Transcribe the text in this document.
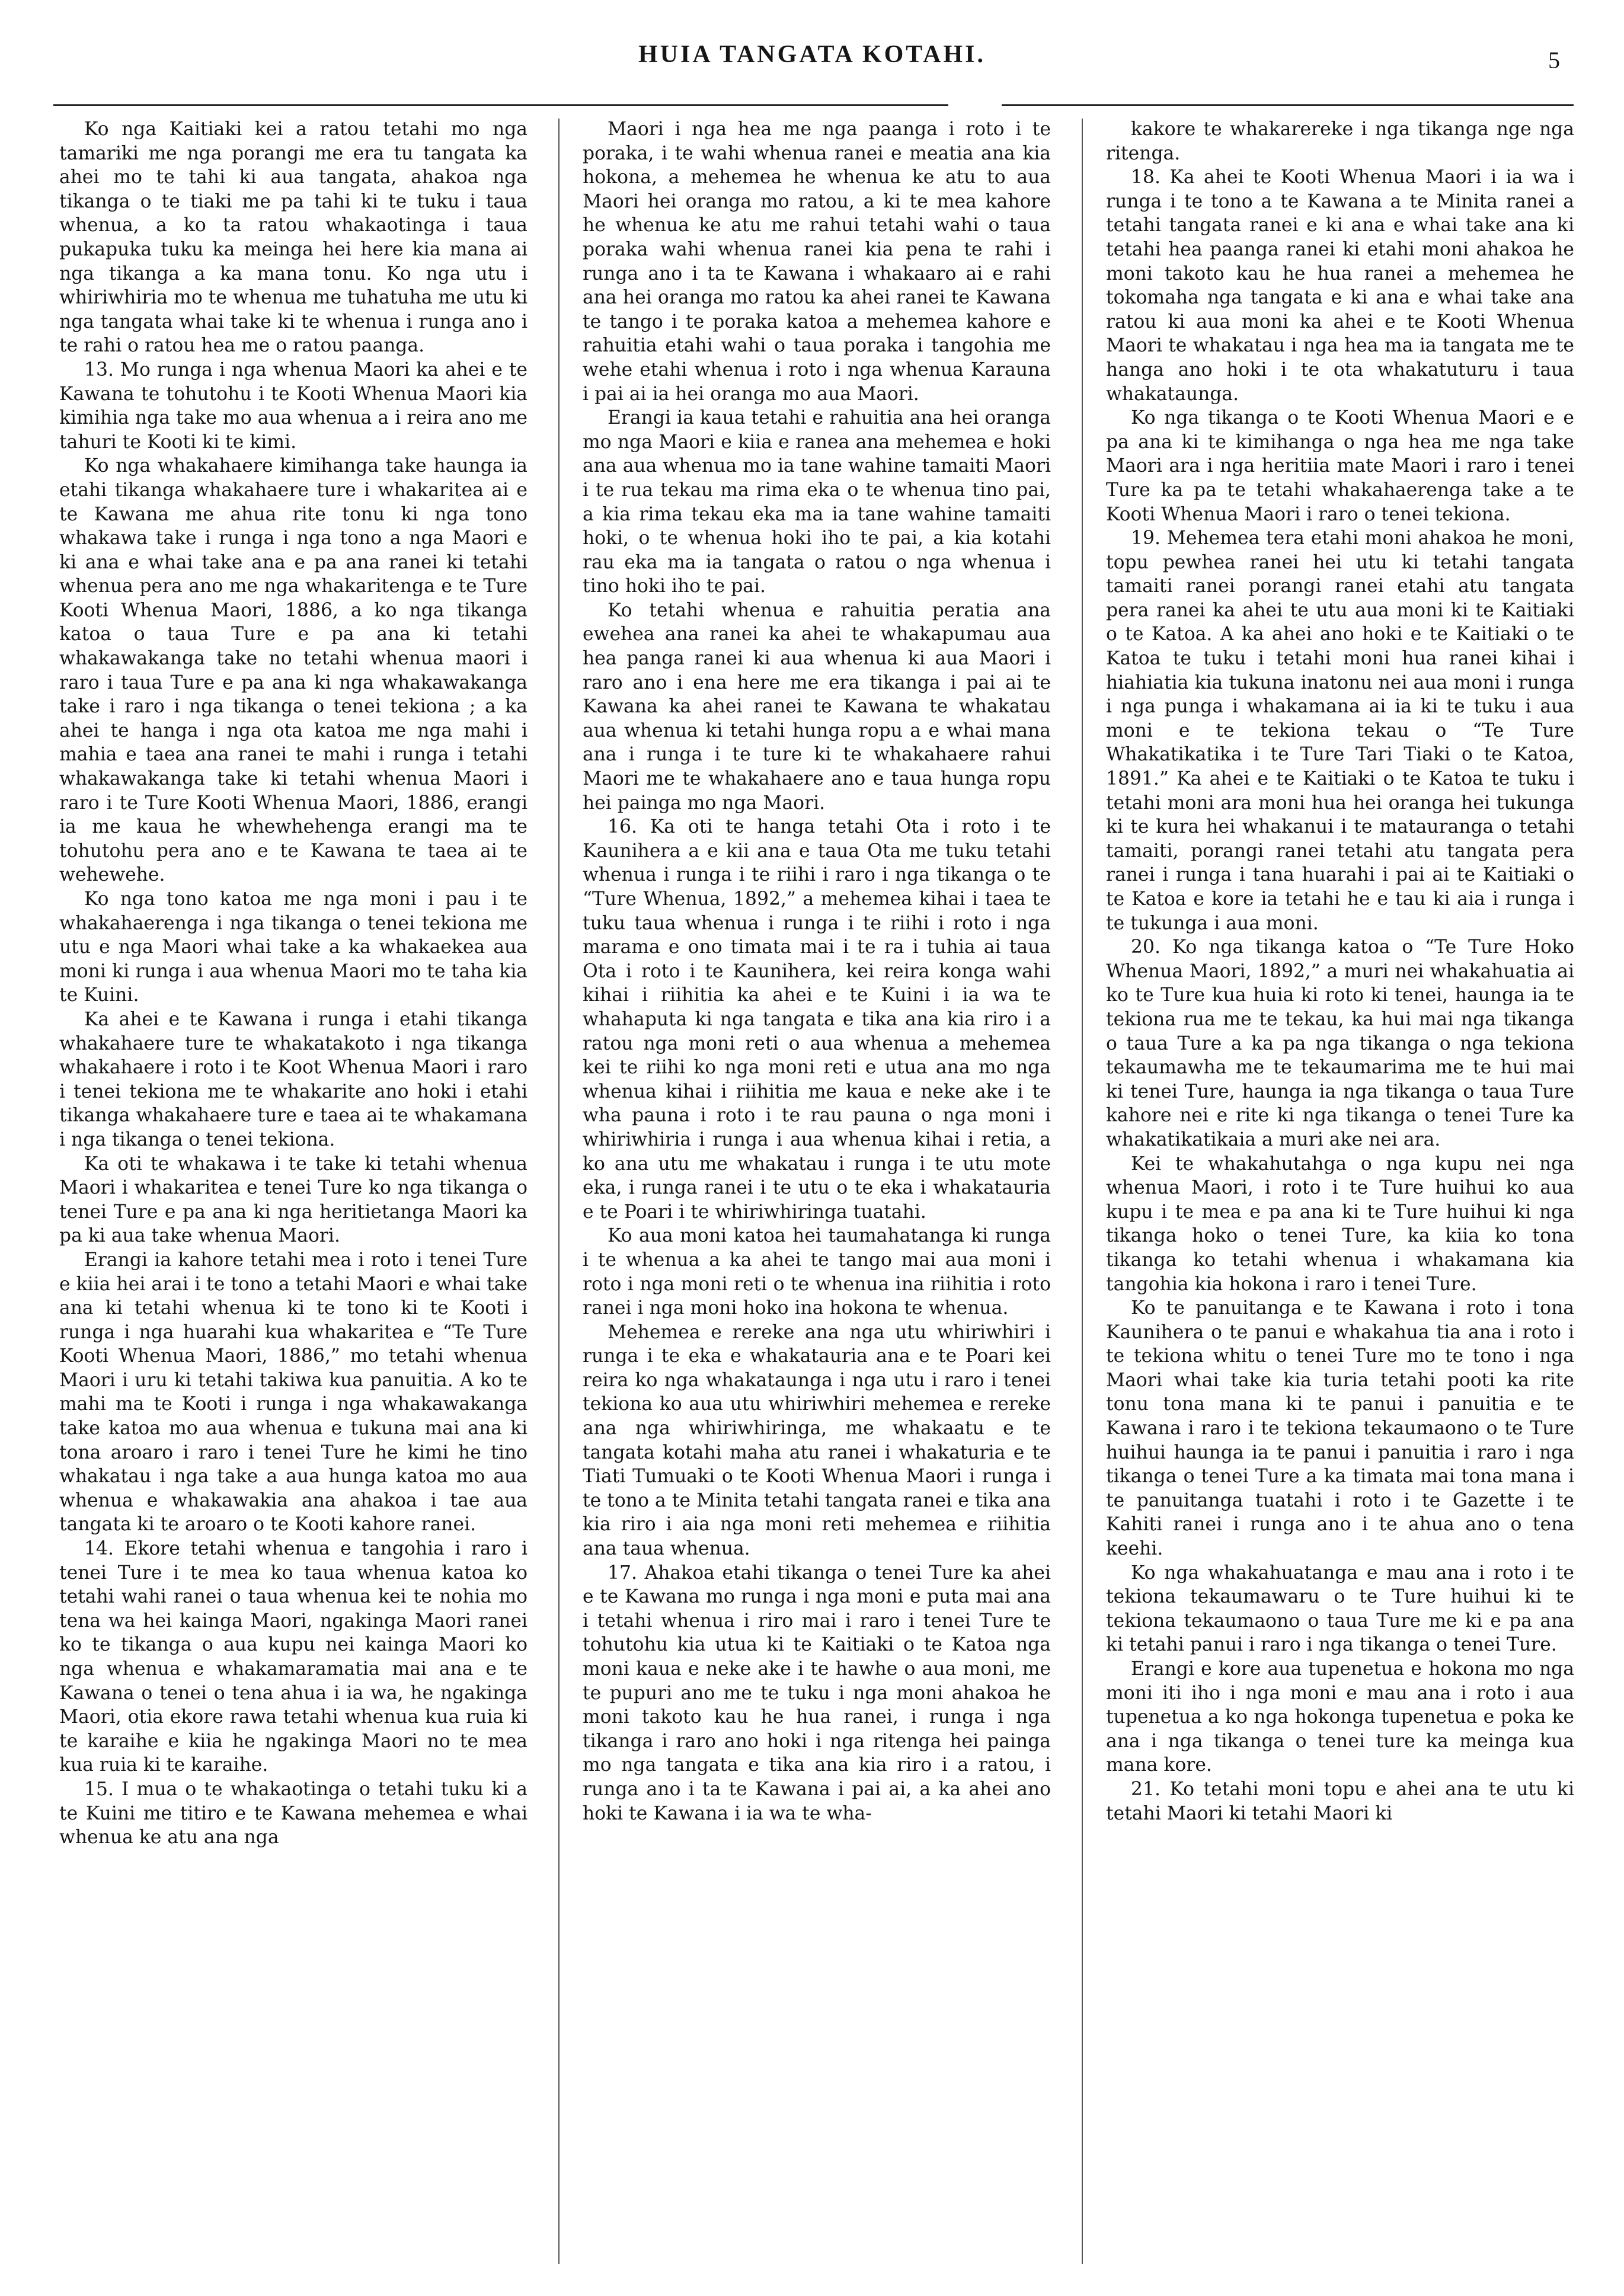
HUIA TANGATA KOTAHI.	5

Ko nga Kaitiaki kei a ratou tetahi mo nga tamariki me nga porangi me era tu tangata ka ahei mo te tahi ki aua tangata, ahakoa nga tikanga o te tiaki me pa tahi ki te tuku i taua whenua, a ko ta ratou whakaotinga i taua pukapuka tuku ka meinga hei here kia mana ai nga tikanga a ka mana tonu. Ko nga utu i whiriwhiria mo te whenua me tuhatuha me utu ki nga tangata whai take ki te whenua i runga ano i te rahi o ratou hea me o ratou paanga.

13. Mo runga i nga whenua Maori ka ahei e te Kawana te tohutohu i te Kooti Whenua Maori kia kimihia nga take mo aua whenua a i reira ano me tahuri te Kooti ki te kimi.

Ko nga whakahaere kimihanga take haunga ia etahi tikanga whakahaere ture i whakaritea ai e te Kawana me ahua rite tonu ki nga tono whakawa take i runga i nga tono a nga Maori e ki ana e whai take ana e pa ana ranei ki tetahi whenua pera ano me nga whakaritenga e te Ture Kooti Whenua Maori, 1886, a ko nga tikanga katoa o taua Ture e pa ana ki tetahi whakawakanga take no tetahi whenua maori i raro i taua Ture e pa ana ki nga whakawakanga take i raro i nga tikanga o tenei tekiona ; a ka ahei te hanga i nga ota katoa me nga mahi i mahia e taea ana ranei te mahi i runga i tetahi whakawakanga take ki tetahi whenua Maori i raro i te Ture Kooti Whenua Maori, 1886, erangi ia me kaua he whewhehenga erangi ma te tohutohu pera ano e te Kawana te taea ai te wehewehe.

Ko nga tono katoa me nga moni i pau i te whakahaerenga i nga tikanga o tenei tekiona me utu e nga Maori whai take a ka whakaekea aua moni ki runga i aua whenua Maori mo te taha kia te Kuini.

Ka ahei e te Kawana i runga i etahi tikanga whakahaere ture te whakatakoto i nga tikanga whakahaere i roto i te Koot Whenua Maori i raro i tenei tekiona me te whakarite ano hoki i etahi tikanga whakahaere ture e taea ai te whakamana i nga tikanga o tenei tekiona.

Ka oti te whakawa i te take ki tetahi whenua Maori i whakaritea e tenei Ture ko nga tikanga o tenei Ture e pa ana ki nga heritietanga Maori ka pa ki aua take whenua Maori.

Erangi ia kahore tetahi mea i roto i tenei Ture e kiia hei arai i te tono a tetahi Maori e whai take ana ki tetahi whenua ki te tono ki te Kooti i runga i nga huarahi kua whakaritea e “Te Ture Kooti Whenua Maori, 1886,” mo tetahi whenua Maori i uru ki tetahi takiwa kua panuitia. A ko te mahi ma te Kooti i runga i nga whakawakanga take katoa mo aua whenua e tukuna mai ana ki tona aroaro i raro i tenei Ture he kimi he tino whakatau i nga take a aua hunga katoa mo aua whenua e whakawakia ana ahakoa i tae aua tangata ki te aroaro o te Kooti kahore ranei.

14. Ekore tetahi whenua e tangohia i raro i tenei Ture i te mea ko taua whenua katoa ko tetahi wahi ranei o taua whenua kei te nohia mo tena wa hei kainga Maori, ngakinga Maori ranei ko te tikanga o aua kupu nei kainga Maori ko nga whenua e whakamaramatia mai ana e te Kawana o tenei o tena ahua i ia wa, he ngakinga Maori, otia ekore rawa tetahi whenua kua ruia ki te karaihe e kiia he ngakinga Maori no te mea kua ruia ki te karaihe.

15. I mua o te whakaotinga o tetahi tuku ki a te Kuini me titiro e te Kawana mehemea e whai whenua ke atu ana nga

Maori i nga hea me nga paanga i roto i te poraka, i te wahi whenua ranei e meatia ana kia hokona, a mehemea he whenua ke atu to aua Maori hei oranga mo ratou, a ki te mea kahore he whenua ke atu me rahui tetahi wahi o taua poraka wahi whenua ranei kia pena te rahi i runga ano i ta te Kawana i whakaaro ai e rahi ana hei oranga mo ratou ka ahei ranei te Kawana te tango i te poraka katoa a mehemea kahore e rahuitia etahi wahi o taua poraka i tangohia me wehe etahi whenua i roto i nga whenua Karauna i pai ai ia hei oranga mo aua Maori.

Erangi ia kaua tetahi e rahuitia ana hei oranga mo nga Maori e kiia e ranea ana mehemea e hoki ana aua whenua mo ia tane wahine tamaiti Maori i te rua tekau ma rima eka o te whenua tino pai, a kia rima tekau eka ma ia tane wahine tamaiti hoki, o te whenua hoki iho te pai, a kia kotahi rau eka ma ia tangata o ratou o nga whenua i tino hoki iho te pai.

Ko tetahi whenua e rahuitia peratia ana ewehea ana ranei ka ahei te whakapumau aua hea panga ranei ki aua whenua ki aua Maori i raro ano i ena here me era tikanga i pai ai te Kawana ka ahei ranei te Kawana te whakatau aua whenua ki tetahi hunga ropu a e whai mana ana i runga i te ture ki te whakahaere rahui Maori me te whakahaere ano e taua hunga ropu hei painga mo nga Maori.

16. Ka oti te hanga tetahi Ota i roto i te Kaunihera a e kii ana e taua Ota me tuku tetahi whenua i runga i te riihi i raro i nga tikanga o te “Ture Whenua, 1892,” a mehemea kihai i taea te tuku taua whenua i runga i te riihi i roto i nga marama e ono timata mai i te ra i tuhia ai taua Ota i roto i te Kaunihera, kei reira konga wahi kihai i riihitia ka ahei e te Kuini i ia wa te whahaputa ki nga tangata e tika ana kia riro i a ratou nga moni reti o aua whenua a mehemea kei te riihi ko nga moni reti e utua ana mo nga whenua kihai i riihitia me kaua e neke ake i te wha pauna i roto i te rau pauna o nga moni i whiriwhiria i runga i aua whenua kihai i retia, a ko ana utu me whakatau i runga i te utu mote eka, i runga ranei i te utu o te eka i whakatauria e te Poari i te whiriwhiringa tuatahi.

Ko aua moni katoa hei taumahatanga ki runga i te whenua a ka ahei te tango mai aua moni i roto i nga moni reti o te whenua ina riihitia i roto ranei i nga moni hoko ina hokona te whenua.

Mehemea e rereke ana nga utu whiriwhiri i runga i te eka e whakatauria ana e te Poari kei reira ko nga whakataunga i nga utu i raro i tenei tekiona ko aua utu whiriwhiri mehemea e rereke ana nga whiriwhiringa, me whakaatu e te tangata kotahi maha atu ranei i whakaturia e te Tiati Tumuaki o te Kooti Whenua Maori i runga i te tono a te Minita tetahi tangata ranei e tika ana kia riro i aia nga moni reti mehemea e riihitia ana taua whenua.

17. Ahakoa etahi tikanga o tenei Ture ka ahei e te Kawana mo runga i nga moni e puta mai ana i tetahi whenua i riro mai i raro i tenei Ture te tohutohu kia utua ki te Kaitiaki o te Katoa nga moni kaua e neke ake i te hawhe o aua moni, me te pupuri ano me te tuku i nga moni ahakoa he moni takoto kau he hua ranei, i runga i nga tikanga i raro ano hoki i nga ritenga hei painga mo nga tangata e tika ana kia riro i a ratou, i runga ano i ta te Kawana i pai ai, a ka ahei ano hoki te Kawana i ia wa te wha-

kakore te whakarereke i nga tikanga nge nga ritenga.

18. Ka ahei te Kooti Whenua Maori i ia wa i runga i te tono a te Kawana a te Minita ranei a tetahi tangata ranei e ki ana e whai take ana ki tetahi hea paanga ranei ki etahi moni ahakoa he moni takoto kau he hua ranei a mehemea he tokomaha nga tangata e ki ana e whai take ana ratou ki aua moni ka ahei e te Kooti Whenua Maori te whakatau i nga hea ma ia tangata me te hanga ano hoki i te ota whakatuturu i taua whakataunga.

Ko nga tikanga o te Kooti Whenua Maori e e pa ana ki te kimihanga o nga hea me nga take Maori ara i nga heritiia mate Maori i raro i tenei Ture ka pa te tetahi whakahaerenga take a te Kooti Whenua Maori i raro o tenei tekiona.

19. Mehemea tera etahi moni ahakoa he moni, topu pewhea ranei hei utu ki tetahi tangata tamaiti ranei porangi ranei etahi atu tangata pera ranei ka ahei te utu aua moni ki te Kaitiaki o te Katoa. A ka ahei ano hoki e te Kaitiaki o te Katoa te tuku i tetahi moni hua ranei kihai i hiahiatia kia tukuna inatonu nei aua moni i runga i nga punga i whakamana ai ia ki te tuku i aua moni e te tekiona tekau o “Te Ture Whakatikatika i te Ture Tari Tiaki o te Katoa, 1891.” Ka ahei e te Kaitiaki o te Katoa te tuku i tetahi moni ara moni hua hei oranga hei tukunga ki te kura hei whakanui i te matauranga o tetahi tamaiti, porangi ranei tetahi atu tangata pera ranei i runga i tana huarahi i pai ai te Kaitiaki o te Katoa e kore ia tetahi he e tau ki aia i runga i te tukunga i aua moni.

20. Ko nga tikanga katoa o “Te Ture Hoko Whenua Maori, 1892,” a muri nei whakahuatia ai ko te Ture kua huia ki roto ki tenei, haunga ia te tekiona rua me te tekau, ka hui mai nga tikanga o taua Ture a ka pa nga tikanga o nga tekiona tekaumawha me te tekaumarima me te hui mai ki tenei Ture, haunga ia nga tikanga o taua Ture kahore nei e rite ki nga tikanga o tenei Ture ka whakatikatikaia a muri ake nei ara.

Kei te whakahutahga o nga kupu nei nga whenua Maori, i roto i te Ture huihui ko aua kupu i te mea e pa ana ki te Ture huihui ki nga tikanga hoko o tenei Ture, ka kiia ko tona tikanga ko tetahi whenua i whakamana kia tangohia kia hokona i raro i tenei Ture.

Ko te panuitanga e te Kawana i roto i tona Kaunihera o te panui e whakahua tia ana i roto i te tekiona whitu o tenei Ture mo te tono i nga Maori whai take kia turia tetahi pooti ka rite tonu tona mana ki te panui i panuitia e te Kawana i raro i te tekiona tekaumaono o te Ture huihui haunga ia te panui i panuitia i raro i nga tikanga o tenei Ture a ka timata mai tona mana i te panuitanga tuatahi i roto i te Gazette i te Kahiti ranei i runga ano i te ahua ano o tena keehi.

Ko nga whakahuatanga e mau ana i roto i te tekiona tekaumawaru o te Ture huihui ki te tekiona tekaumaono o taua Ture me ki e pa ana ki tetahi panui i raro i nga tikanga o tenei Ture.

Erangi e kore aua tupenetua e hokona mo nga moni iti iho i nga moni e mau ana i roto i aua tupenetua a ko nga hokonga tupenetua e poka ke ana i nga tikanga o tenei ture ka meinga kua mana kore.

21. Ko tetahi moni topu e ahei ana te utu ki tetahi Maori ki tetahi Maori ki
